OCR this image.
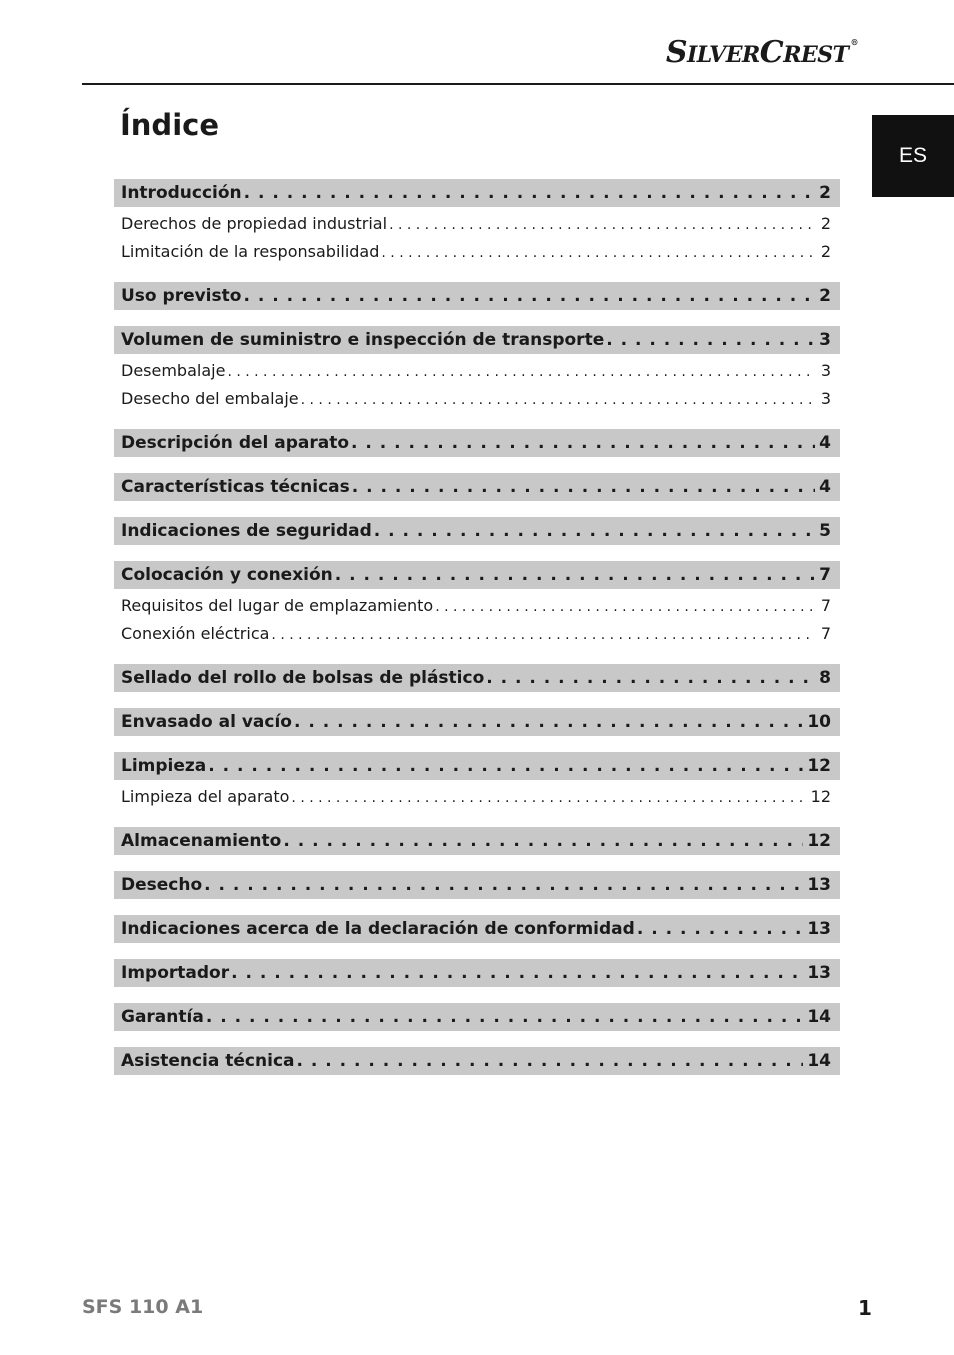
SILVERCREST ®
ES
Índice
Introducción . . .	2
Derechos de propiedad industrial . . .	2
Limitación de la responsabilidad . . .	2
Uso previsto . . .	2
Volumen de suministro e inspección de transporte . . .	3
Desembalaje . . .	3
Desecho del embalaje . . .	3
Descripción del aparato . . .	4
Características técnicas . . .	4
Indicaciones de seguridad . . .	5
Colocación y conexión . . .	7
Requisitos del lugar de emplazamiento . . .	7
Conexión eléctrica . . .	7
Sellado del rollo de bolsas de plástico . . .	8
Envasado al vacío . . .	10
Limpieza . . .	12
Limpieza del aparato . . .	12
Almacenamiento . . .	12
Desecho . . .	13
Indicaciones acerca de la declaración de conformidad . . .	13
Importador . . .	13
Garantía . . .	14
Asistencia técnica . . .	14
SFS 110 A1	1
